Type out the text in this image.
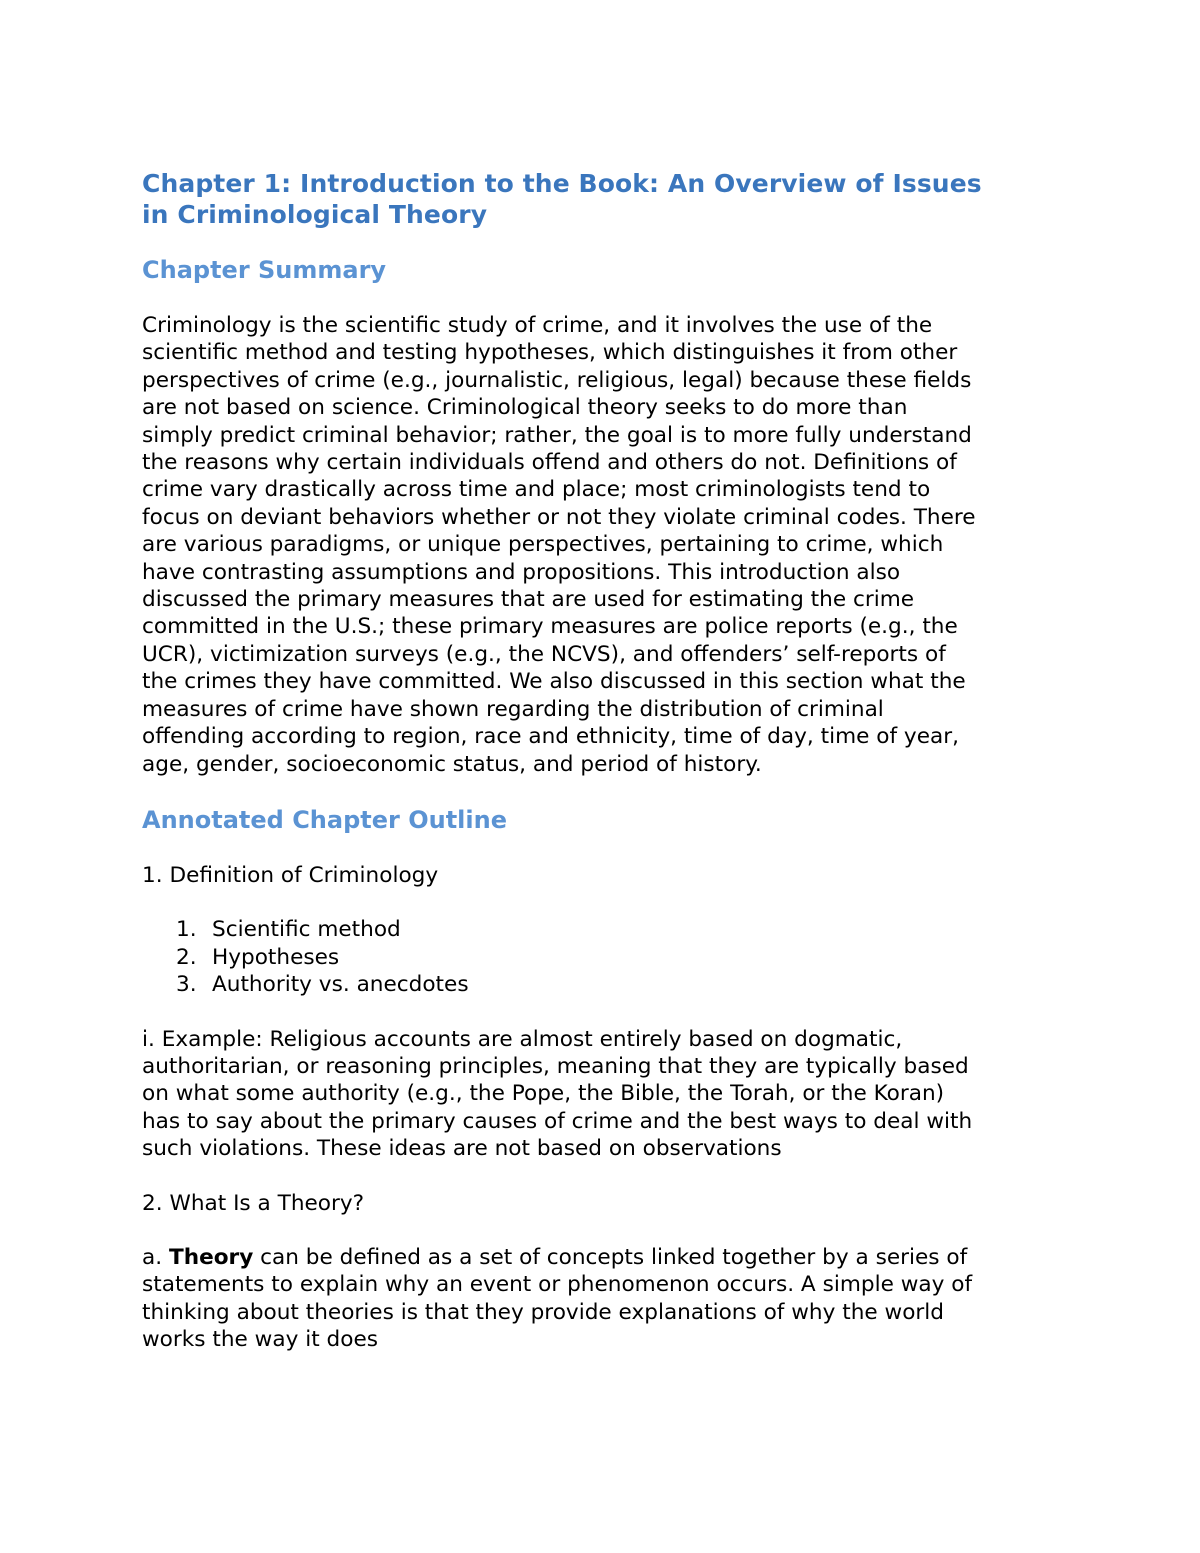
Chapter 1: Introduction to the Book: An Overview of Issues
in Criminological Theory
Chapter Summary
Criminology is the scientific study of crime, and it involves the use of the
scientific method and testing hypotheses, which distinguishes it from other
perspectives of crime (e.g., journalistic, religious, legal) because these fields
are not based on science. Criminological theory seeks to do more than
simply predict criminal behavior; rather, the goal is to more fully understand
the reasons why certain individuals offend and others do not. Definitions of
crime vary drastically across time and place; most criminologists tend to
focus on deviant behaviors whether or not they violate criminal codes. There
are various paradigms, or unique perspectives, pertaining to crime, which
have contrasting assumptions and propositions. This introduction also
discussed the primary measures that are used for estimating the crime
committed in the U.S.; these primary measures are police reports (e.g., the
UCR), victimization surveys (e.g., the NCVS), and offenders’ self-reports of
the crimes they have committed. We also discussed in this section what the
measures of crime have shown regarding the distribution of criminal
offending according to region, race and ethnicity, time of day, time of year,
age, gender, socioeconomic status, and period of history.
Annotated Chapter Outline
1. Definition of Criminology
1. Scientific method
2. Hypotheses
3. Authority vs. anecdotes
i. Example: Religious accounts are almost entirely based on dogmatic,
authoritarian, or reasoning principles, meaning that they are typically based
on what some authority (e.g., the Pope, the Bible, the Torah, or the Koran)
has to say about the primary causes of crime and the best ways to deal with
such violations. These ideas are not based on observations
2. What Is a Theory?
a. Theory can be defined as a set of concepts linked together by a series of
statements to explain why an event or phenomenon occurs. A simple way of
thinking about theories is that they provide explanations of why the world
works the way it does
